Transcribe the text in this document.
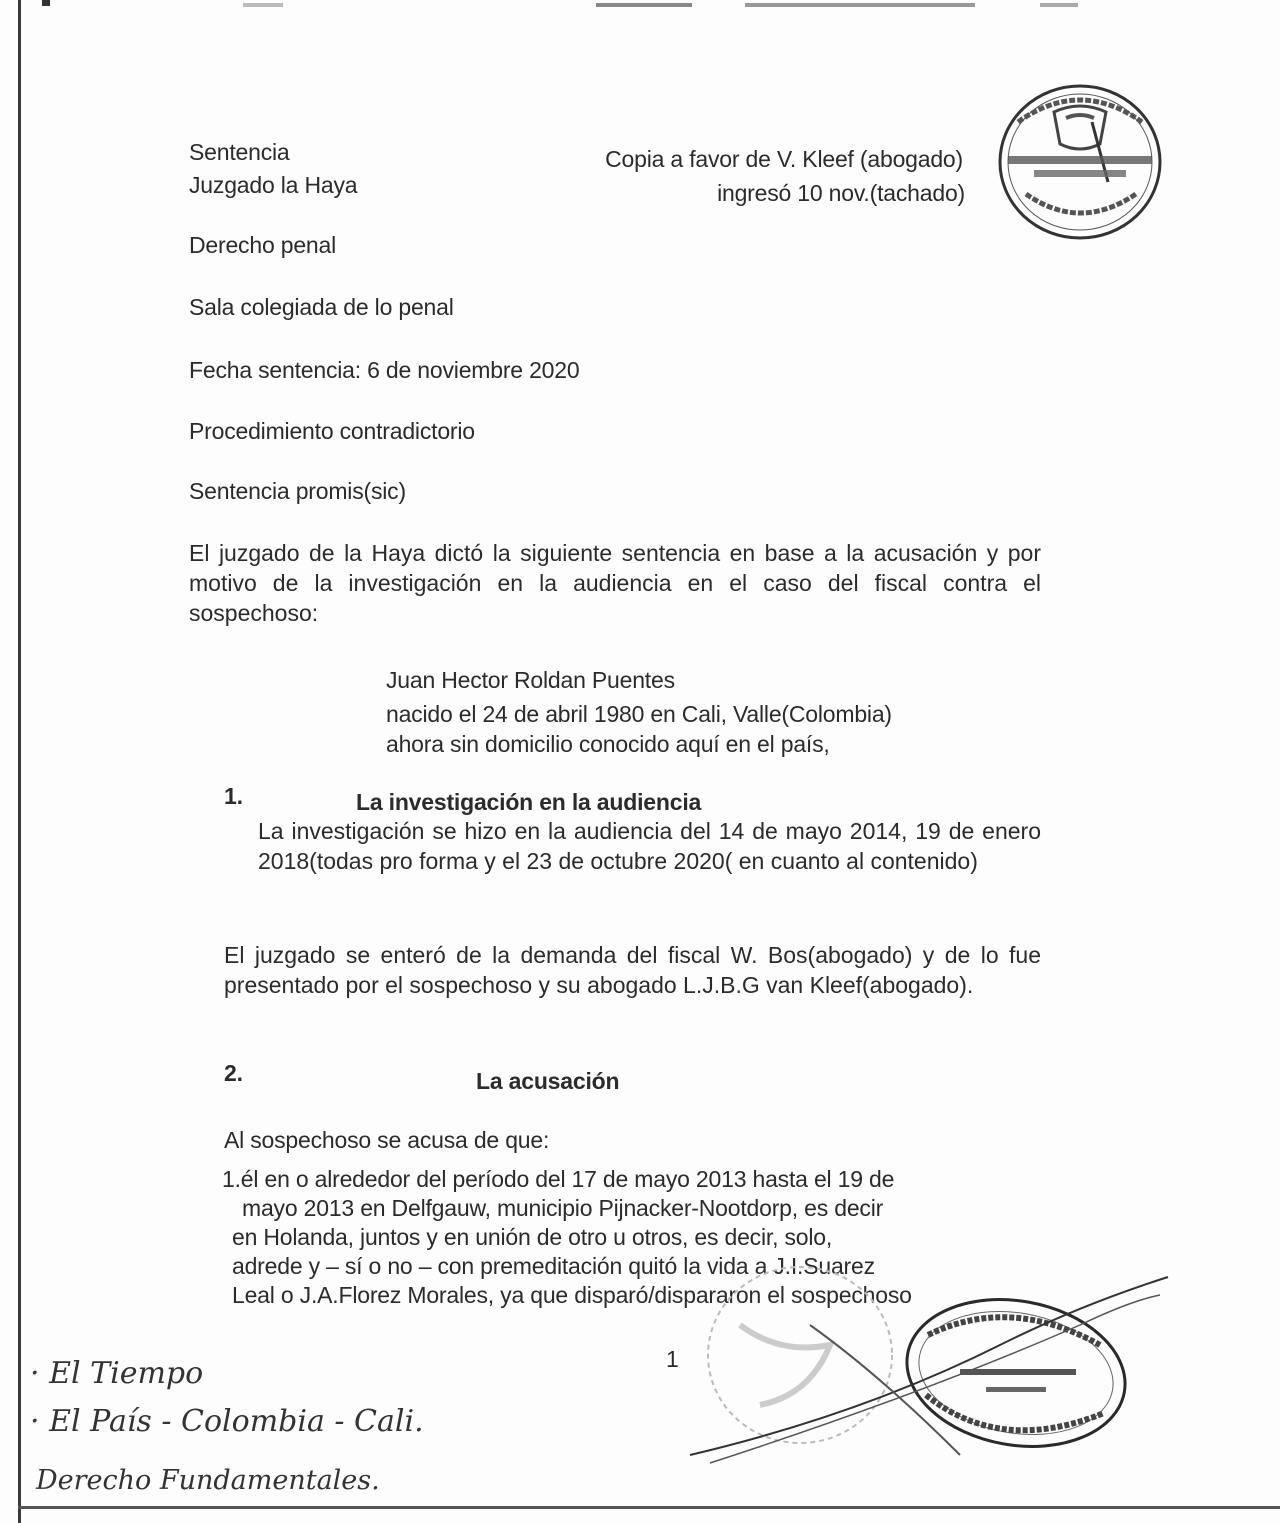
Sentencia
Juzgado la Haya
Copia a favor de V. Kleef (abogado)
ingresó 10 nov.(tachado)
Derecho penal
Sala colegiada de lo penal
Fecha sentencia: 6 de noviembre 2020
Procedimiento contradictorio
Sentencia promis(sic)
El juzgado de la Haya dictó la siguiente sentencia en base a la acusación y por motivo de la investigación en la audiencia en el caso del fiscal contra el sospechoso:
Juan Hector Roldan Puentes
nacido el 24 de abril 1980 en Cali, Valle(Colombia)
ahora sin domicilio conocido aquí en el país,
1.	La investigación en la audiencia
La investigación se hizo en la audiencia del 14 de mayo 2014, 19 de enero 2018(todas pro forma y el 23 de octubre 2020( en cuanto al contenido)
El juzgado se enteró de la demanda del fiscal W. Bos(abogado) y de lo fue presentado por el sospechoso y su abogado L.J.B.G van Kleef(abogado).
2.	La acusación
Al sospechoso se acusa de que:
1.él en o alrededor del período del 17 de mayo 2013 hasta el 19 de
mayo 2013 en Delfgauw, municipio Pijnacker-Nootdorp, es decir
en Holanda, juntos y en unión de otro u otros, es decir, solo,
adrede y – sí o no – con premeditación quitó la vida a J.I.Suarez
Leal o J.A.Florez Morales, ya que disparó/dispararon el sospechoso
1
· El Tiempo
· El País - Colombia - Cali.
Derecho Fundamentales.
